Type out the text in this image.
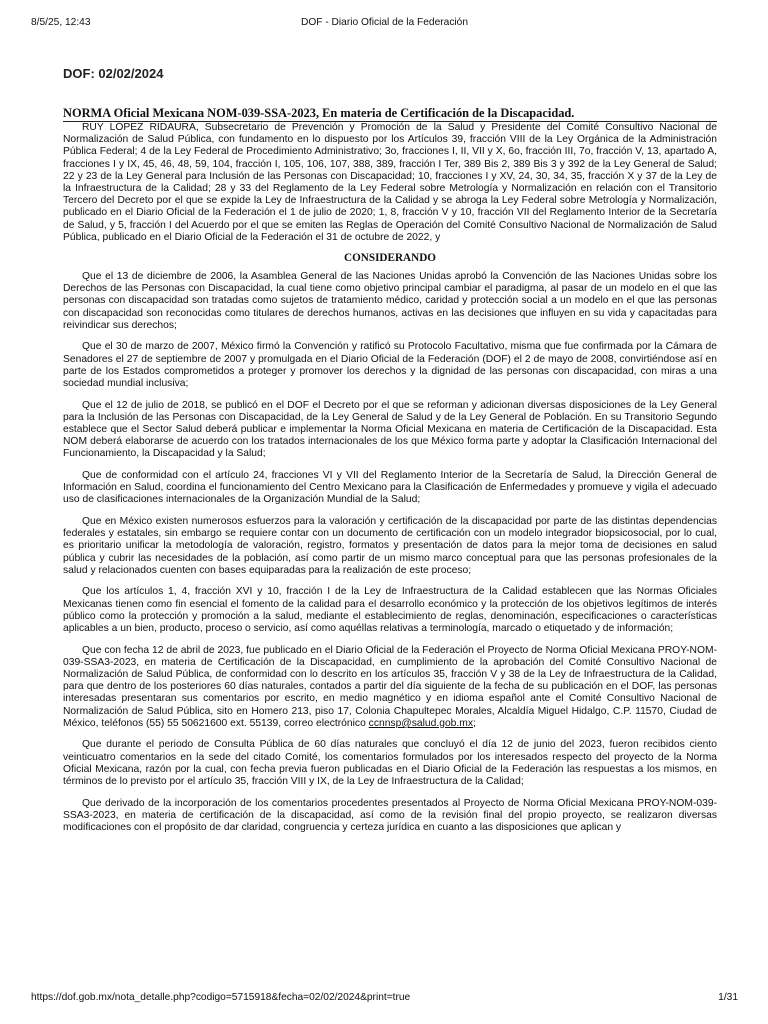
8/5/25, 12:43	DOF - Diario Oficial de la Federación
DOF: 02/02/2024

NORMA Oficial Mexicana NOM-039-SSA-2023, En materia de Certificación de la Discapacidad.

RUY LÓPEZ RIDAURA, Subsecretario de Prevención y Promoción de la Salud y Presidente del Comité Consultivo Nacional de Normalización de Salud Pública, con fundamento en lo dispuesto por los Artículos 39, fracción VIII de la Ley Orgánica de la Administración Pública Federal; 4 de la Ley Federal de Procedimiento Administrativo; 3o, fracciones I, II, VII y X, 6o, fracción III, 7o, fracción V, 13, apartado A, fracciones I y IX, 45, 46, 48, 59, 104, fracción I, 105, 106, 107, 388, 389, fracción I Ter, 389 Bis 2, 389 Bis 3 y 392 de la Ley General de Salud; 22 y 23 de la Ley General para Inclusión de las Personas con Discapacidad; 10, fracciones I y XV, 24, 30, 34, 35, fracción X y 37 de la Ley de la Infraestructura de la Calidad; 28 y 33 del Reglamento de la Ley Federal sobre Metrología y Normalización en relación con el Transitorio Tercero del Decreto por el que se expide la Ley de Infraestructura de la Calidad y se abroga la Ley Federal sobre Metrología y Normalización, publicado en el Diario Oficial de la Federación el 1 de julio de 2020; 1, 8, fracción V y 10, fracción VII del Reglamento Interior de la Secretaría de Salud, y 5, fracción I del Acuerdo por el que se emiten las Reglas de Operación del Comité Consultivo Nacional de Normalización de Salud Pública, publicado en el Diario Oficial de la Federación el 31 de octubre de 2022, y

CONSIDERANDO

Que el 13 de diciembre de 2006, la Asamblea General de las Naciones Unidas aprobó la Convención de las Naciones Unidas sobre los Derechos de las Personas con Discapacidad, la cual tiene como objetivo principal cambiar el paradigma, al pasar de un modelo en el que las personas con discapacidad son tratadas como sujetos de tratamiento médico, caridad y protección social a un modelo en el que las personas con discapacidad son reconocidas como titulares de derechos humanos, activas en las decisiones que influyen en su vida y capacitadas para reivindicar sus derechos;

Que el 30 de marzo de 2007, México firmó la Convención y ratificó su Protocolo Facultativo, misma que fue confirmada por la Cámara de Senadores el 27 de septiembre de 2007 y promulgada en el Diario Oficial de la Federación (DOF) el 2 de mayo de 2008, convirtiéndose así en parte de los Estados comprometidos a proteger y promover los derechos y la dignidad de las personas con discapacidad, con miras a una sociedad mundial inclusiva;

Que el 12 de julio de 2018, se publicó en el DOF el Decreto por el que se reforman y adicionan diversas disposiciones de la Ley General para la Inclusión de las Personas con Discapacidad, de la Ley General de Salud y de la Ley General de Población. En su Transitorio Segundo establece que el Sector Salud deberá publicar e implementar la Norma Oficial Mexicana en materia de Certificación de la Discapacidad. Esta NOM deberá elaborarse de acuerdo con los tratados internacionales de los que México forma parte y adoptar la Clasificación Internacional del Funcionamiento, la Discapacidad y la Salud;

Que de conformidad con el artículo 24, fracciones VI y VII del Reglamento Interior de la Secretaría de Salud, la Dirección General de Información en Salud, coordina el funcionamiento del Centro Mexicano para la Clasificación de Enfermedades y promueve y vigila el adecuado uso de clasificaciones internacionales de la Organización Mundial de la Salud;

Que en México existen numerosos esfuerzos para la valoración y certificación de la discapacidad por parte de las distintas dependencias federales y estatales, sin embargo se requiere contar con un documento de certificación con un modelo integrador biopsicosocial, por lo cual, es prioritario unificar la metodología de valoración, registro, formatos y presentación de datos para la mejor toma de decisiones en salud pública y cubrir las necesidades de la población, así como partir de un mismo marco conceptual para que las personas profesionales de la salud y relacionados cuenten con bases equiparadas para la realización de este proceso;

Que los artículos 1, 4, fracción XVI y 10, fracción I de la Ley de Infraestructura de la Calidad establecen que las Normas Oficiales Mexicanas tienen como fin esencial el fomento de la calidad para el desarrollo económico y la protección de los objetivos legítimos de interés público como la protección y promoción a la salud, mediante el establecimiento de reglas, denominación, especificaciones o características aplicables a un bien, producto, proceso o servicio, así como aquéllas relativas a terminología, marcado o etiquetado y de información;

Que con fecha 12 de abril de 2023, fue publicado en el Diario Oficial de la Federación el Proyecto de Norma Oficial Mexicana PROY-NOM-039-SSA3-2023, en materia de Certificación de la Discapacidad, en cumplimiento de la aprobación del Comité Consultivo Nacional de Normalización de Salud Pública, de conformidad con lo descrito en los artículos 35, fracción V y 38 de la Ley de Infraestructura de la Calidad, para que dentro de los posteriores 60 días naturales, contados a partir del día siguiente de la fecha de su publicación en el DOF, las personas interesadas presentaran sus comentarios por escrito, en medio magnético y en idioma español ante el Comité Consultivo Nacional de Normalización de Salud Pública, sito en Homero 213, piso 17, Colonia Chapultepec Morales, Alcaldía Miguel Hidalgo, C.P. 11570, Ciudad de México, teléfonos (55) 55 50621600 ext. 55139, correo electrónico ccnnsp@salud.gob.mx;

Que durante el periodo de Consulta Pública de 60 días naturales que concluyó el día 12 de junio del 2023, fueron recibidos ciento veinticuatro comentarios en la sede del citado Comité, los comentarios formulados por los interesados respecto del proyecto de la Norma Oficial Mexicana, razón por la cual, con fecha previa fueron publicadas en el Diario Oficial de la Federación las respuestas a los mismos, en términos de lo previsto por el artículo 35, fracción VIII y IX, de la Ley de Infraestructura de la Calidad;

Que derivado de la incorporación de los comentarios procedentes presentados al Proyecto de Norma Oficial Mexicana PROY-NOM-039-SSA3-2023, en materia de certificación de la discapacidad, así como de la revisión final del propio proyecto, se realizaron diversas modificaciones con el propósito de dar claridad, congruencia y certeza jurídica en cuanto a las disposiciones que aplican y

https://dof.gob.mx/nota_detalle.php?codigo=5715918&fecha=02/02/2024&print=true	1/31
